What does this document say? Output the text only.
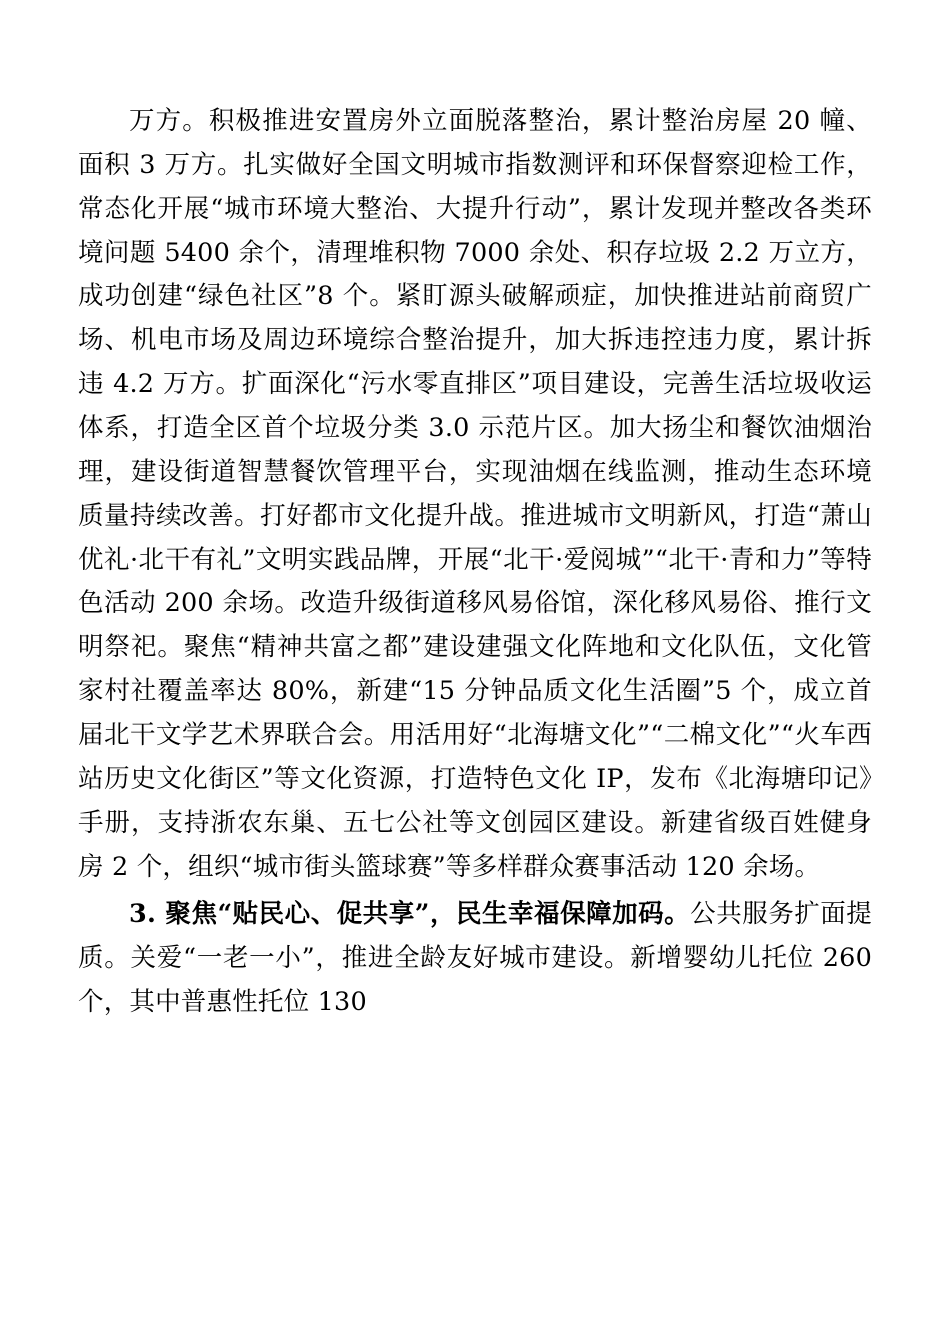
万方。积极推进安置房外立面脱落整治，累计整治房屋 20 幢、面积 3 万方。扎实做好全国文明城市指数测评和环保督察迎检工作，常态化开展“城市环境大整治、大提升行动”，累计发现并整改各类环境问题 5400 余个，清理堆积物 7000 余处、积存垃圾 2.2 万立方，成功创建“绿色社区”8 个。紧盯源头破解顽症，加快推进站前商贸广场、机电市场及周边环境综合整治提升，加大拆违控违力度，累计拆违 4.2 万方。扩面深化“污水零直排区”项目建设，完善生活垃圾收运体系，打造全区首个垃圾分类 3.0 示范片区。加大扬尘和餐饮油烟治理，建设街道智慧餐饮管理平台，实现油烟在线监测，推动生态环境质量持续改善。打好都市文化提升战。推进城市文明新风，打造“萧山优礼·北干有礼”文明实践品牌，开展“北干·爱阅城”“北干·青和力”等特色活动 200 余场。改造升级街道移风易俗馆，深化移风易俗、推行文明祭祀。聚焦“精神共富之都”建设建强文化阵地和文化队伍，文化管家村社覆盖率达 80%，新建“15 分钟品质文化生活圈”5 个，成立首届北干文学艺术界联合会。用活用好“北海塘文化”“二棉文化”“火车西站历史文化街区”等文化资源，打造特色文化 IP，发布《北海塘印记》手册，支持浙农东巢、五七公社等文创园区建设。新建省级百姓健身房 2 个，组织“城市街头篮球赛”等多样群众赛事活动 120 余场。

3. 聚焦“贴民心、促共享”，民生幸福保障加码。公共服务扩面提质。关爱“一老一小”，推进全龄友好城市建设。新增婴幼儿托位 260 个，其中普惠性托位 130
